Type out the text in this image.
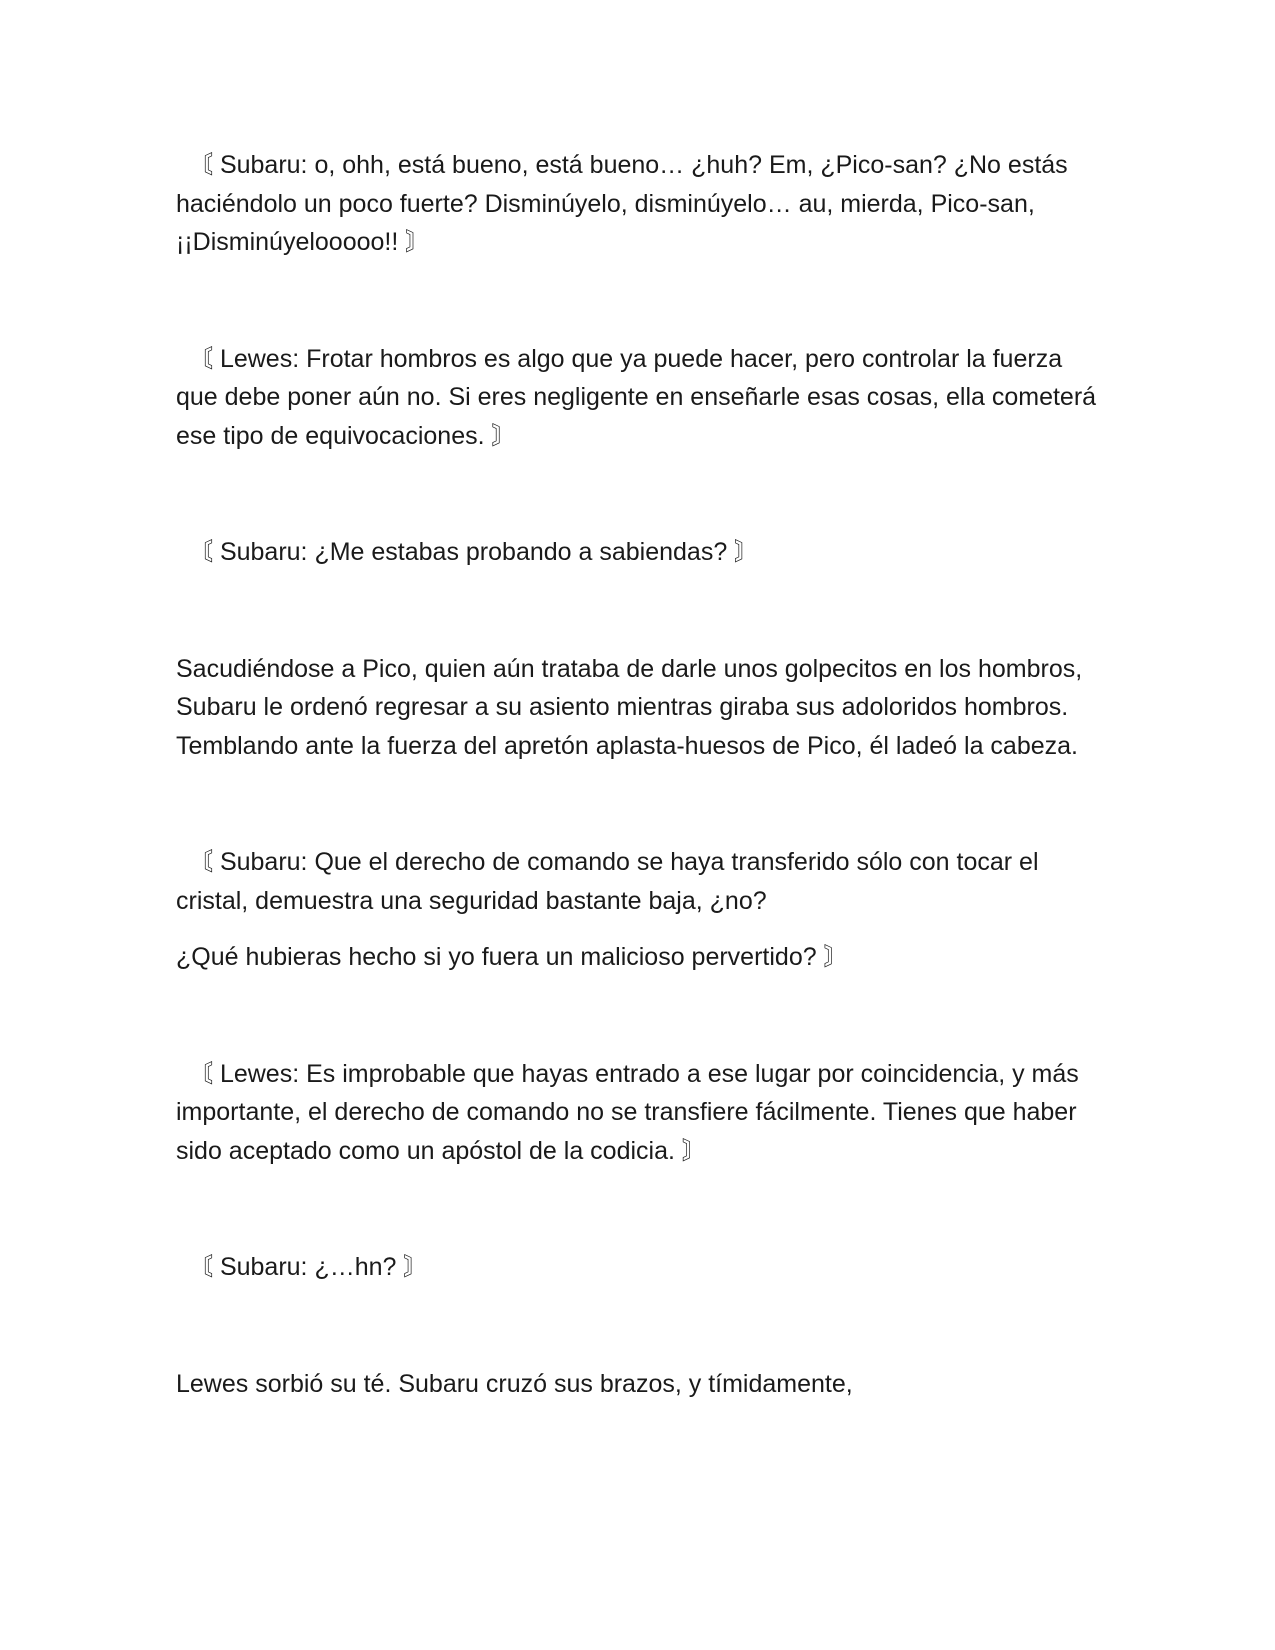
〘 Subaru: o, ohh, está bueno, está bueno… ¿huh? Em, ¿Pico-san? ¿No estás haciéndolo un poco fuerte? Disminúyelo, disminúyelo… au, mierda, Pico-san, ¡¡Disminúyelooooo!! 〙

〘 Lewes: Frotar hombros es algo que ya puede hacer, pero controlar la fuerza que debe poner aún no. Si eres negligente en enseñarle esas cosas, ella cometerá ese tipo de equivocaciones. 〙

〘 Subaru: ¿Me estabas probando a sabiendas? 〙

Sacudiéndose a Pico, quien aún trataba de darle unos golpecitos en los hombros, Subaru le ordenó regresar a su asiento mientras giraba sus adoloridos hombros. Temblando ante la fuerza del apretón aplasta-huesos de Pico, él ladeó la cabeza.

〘 Subaru: Que el derecho de comando se haya transferido sólo con tocar el cristal, demuestra una seguridad bastante baja, ¿no?

¿Qué hubieras hecho si yo fuera un malicioso pervertido? 〙

〘 Lewes: Es improbable que hayas entrado a ese lugar por coincidencia, y más importante, el derecho de comando no se transfiere fácilmente. Tienes que haber sido aceptado como un apóstol de la codicia. 〙

〘 Subaru: ¿…hn? 〙

Lewes sorbió su té. Subaru cruzó sus brazos, y tímidamente,
